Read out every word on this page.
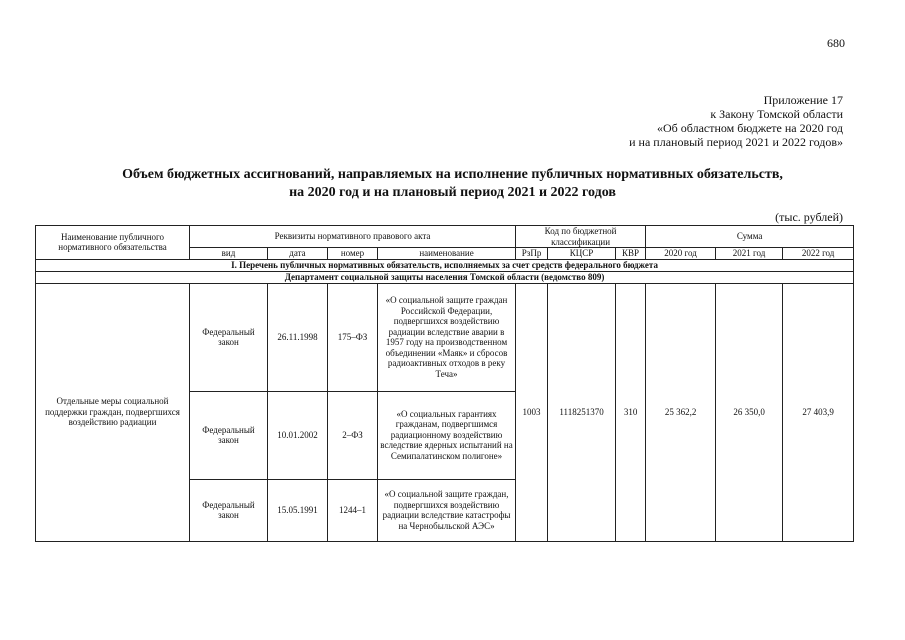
680
Приложение 17
к Закону Томской области
«Об областном бюджете на 2020 год
и на плановый период 2021 и 2022 годов»
Объем бюджетных ассигнований, направляемых на исполнение публичных нормативных обязательств,
на 2020 год и на плановый период 2021 и 2022 годов
(тыс. рублей)
Наименование публичного нормативного обязательства	Реквизиты нормативного правового акта				Код по бюджетной классификации			Сумма		
	вид	дата	номер	наименование	РзПр	КЦСР	КВР	2020 год	2021 год	2022 год
I. Перечень публичных нормативных обязательств, исполняемых за счет средств федерального бюджета										
Департамент социальной защиты населения Томской области (ведомство 809)										
Отдельные меры социальной поддержки граждан, подвергшихся воздействию радиации	Федеральный закон	26.11.1998	175–ФЗ	«О социальной защите граждан Российской Федерации, подвергшихся воздействию радиации вследствие аварии в 1957 году на производственном объединении «Маяк» и сбросов радиоактивных отходов в реку Теча»	1003	1118251370	310	25 362,2	26 350,0	27 403,9
	Федеральный закон	10.01.2002	2–ФЗ	«О социальных гарантиях гражданам, подвергшимся радиационному воздействию вследствие ядерных испытаний на Семипалатинском полигоне»						
	Федеральный закон	15.05.1991	1244–1	«О социальной защите граждан, подвергшихся воздействию радиации вследствие катастрофы на Чернобыльской АЭС»						
